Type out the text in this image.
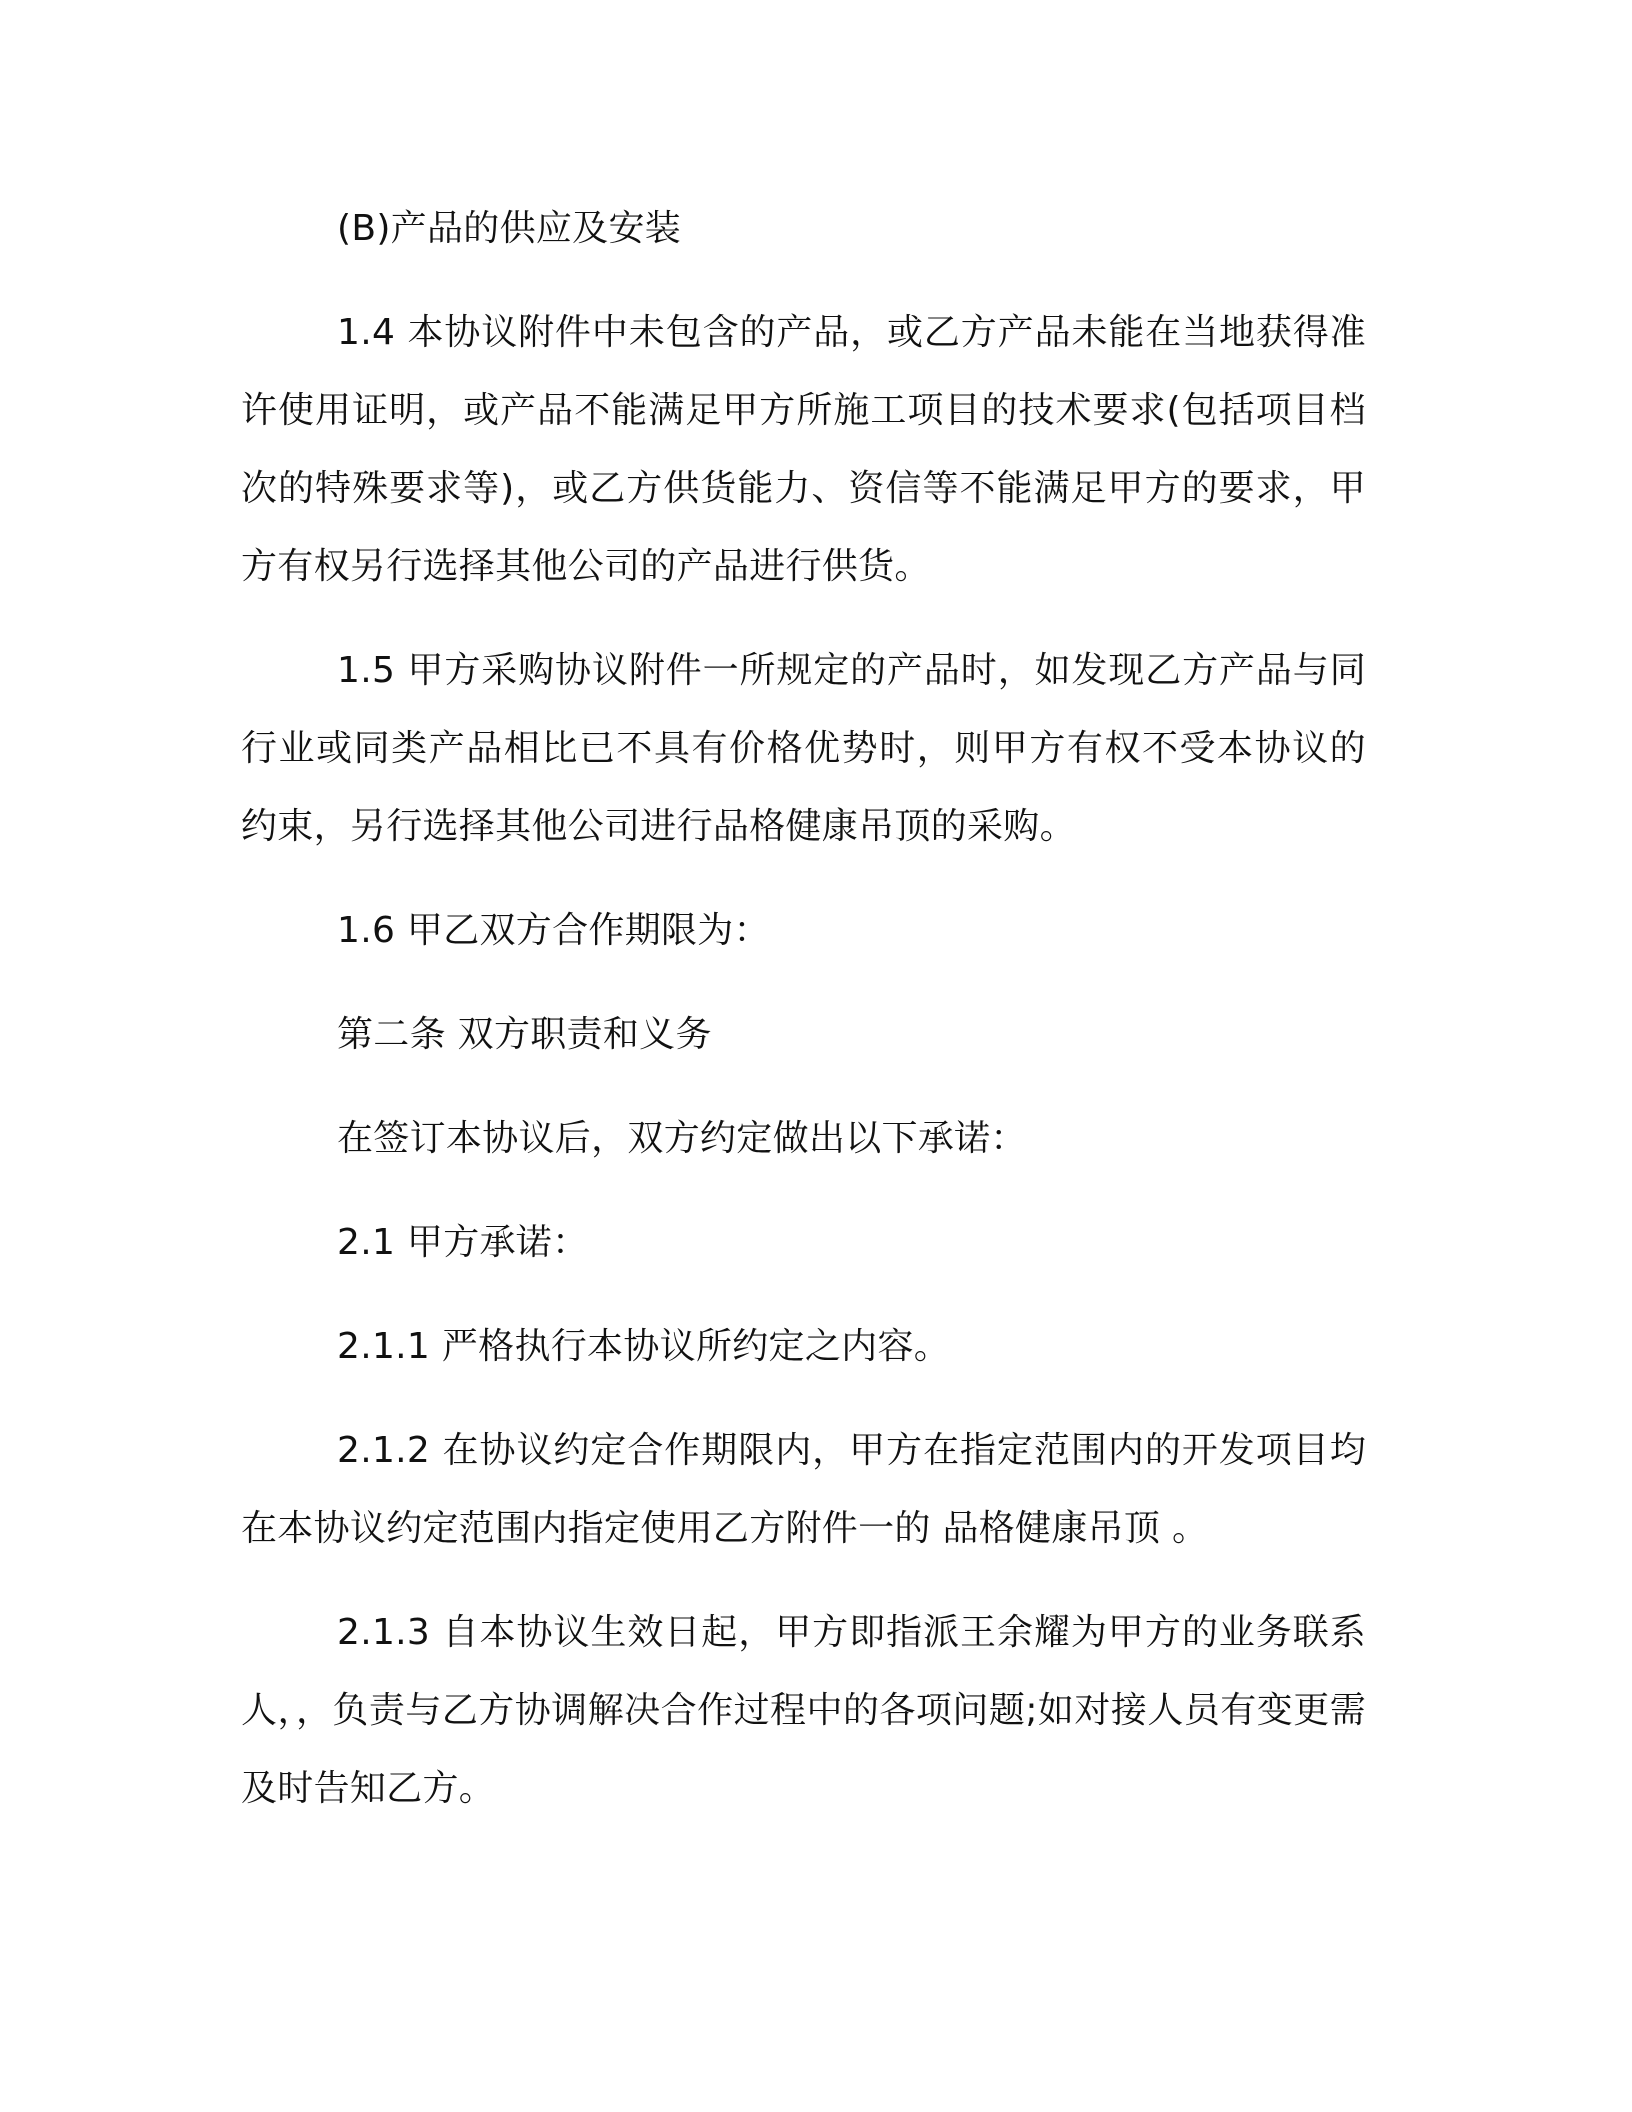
(B)产品的供应及安装

1.4 本协议附件中未包含的产品，或乙方产品未能在当地获得准许使用证明，或产品不能满足甲方所施工项目的技术要求(包括项目档次的特殊要求等)，或乙方供货能力、资信等不能满足甲方的要求，甲方有权另行选择其他公司的产品进行供货。

1.5 甲方采购协议附件一所规定的产品时，如发现乙方产品与同行业或同类产品相比已不具有价格优势时，则甲方有权不受本协议的约束，另行选择其他公司进行品格健康吊顶的采购。

1.6 甲乙双方合作期限为：

第二条 双方职责和义务

在签订本协议后，双方约定做出以下承诺：

2.1 甲方承诺：

2.1.1 严格执行本协议所约定之内容。

2.1.2 在协议约定合作期限内，甲方在指定范围内的开发项目均在本协议约定范围内指定使用乙方附件一的 品格健康吊顶 。

2.1.3 自本协议生效日起，甲方即指派王余耀为甲方的业务联系人，，负责与乙方协调解决合作过程中的各项问题;如对接人员有变更需及时告知乙方。
